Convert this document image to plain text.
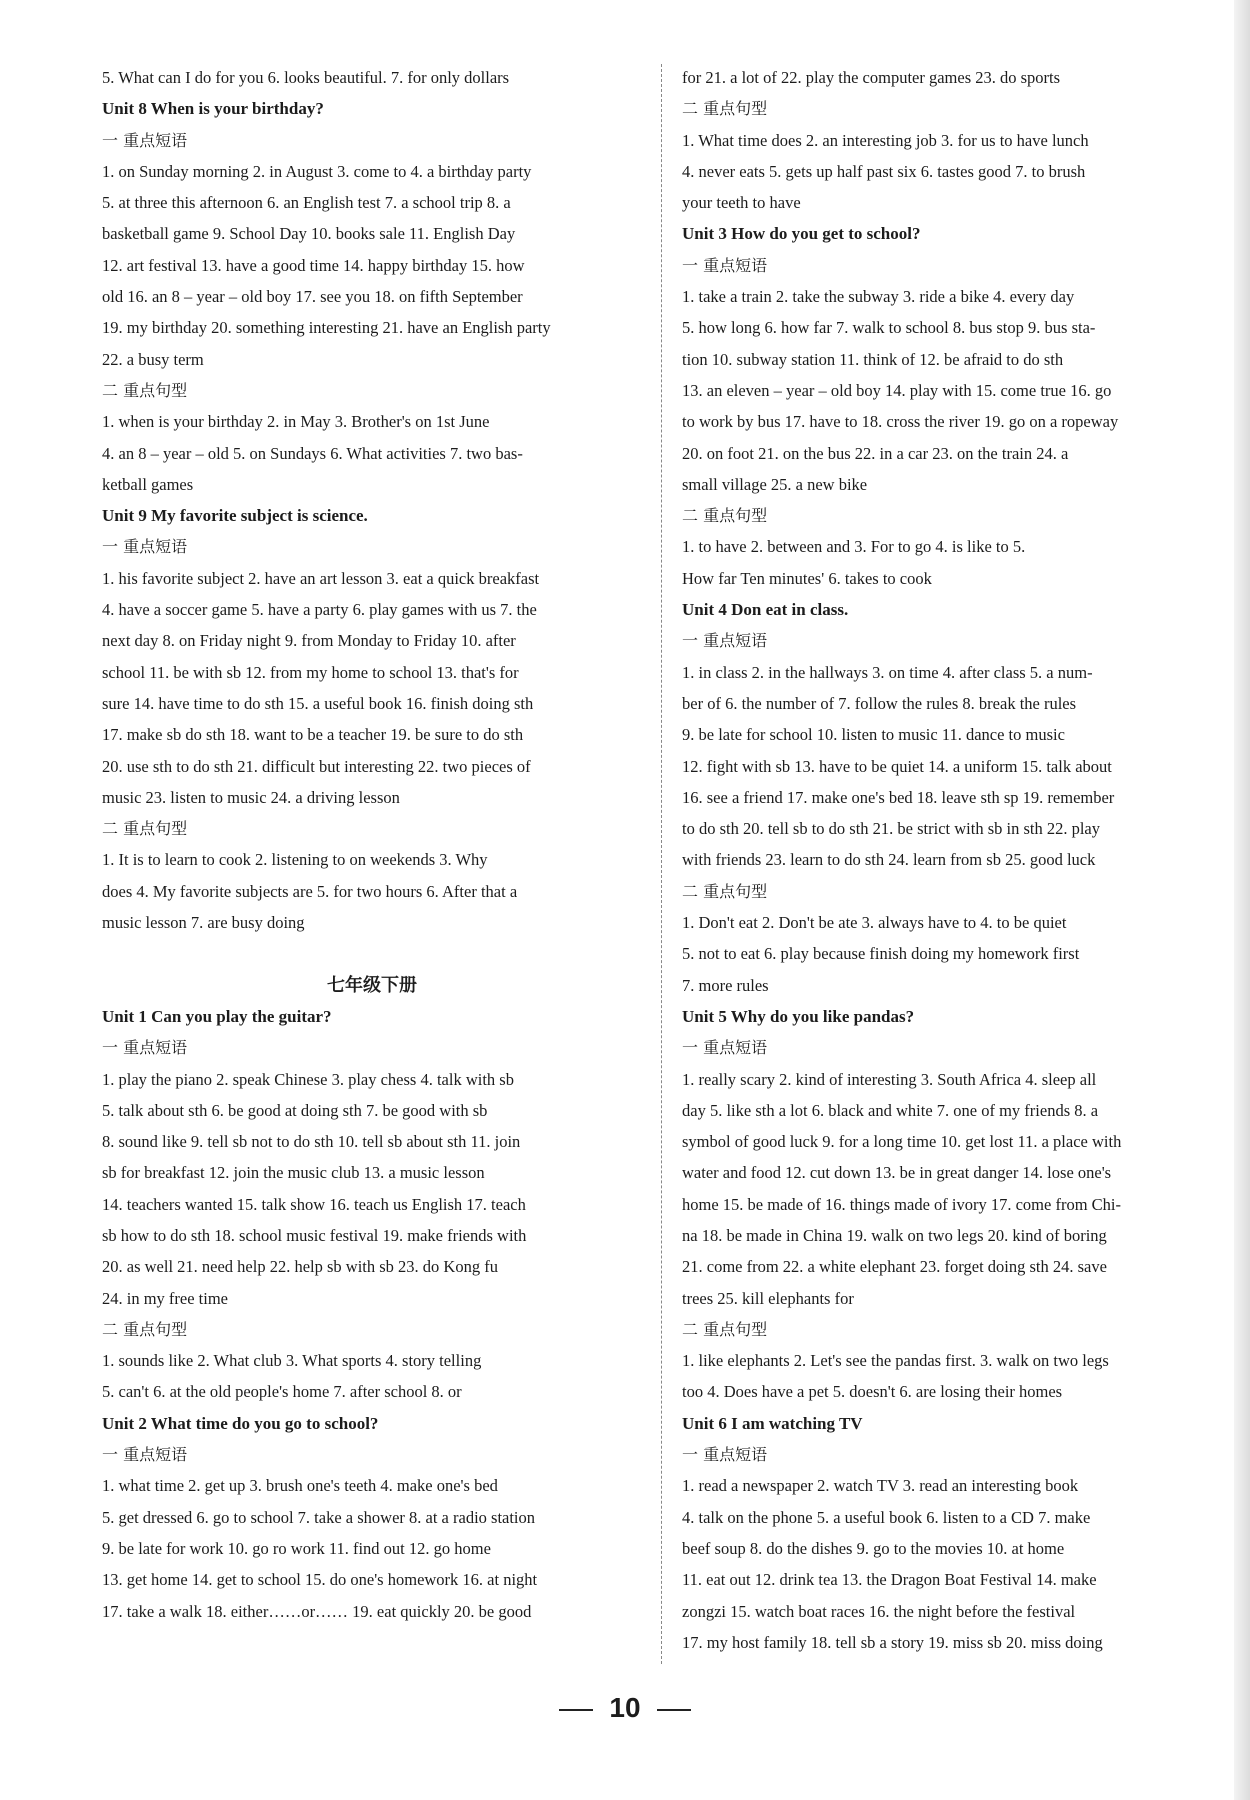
5. What can I do for you 6. looks beautiful. 7. for only dollars
Unit 8 When is your birthday?
一 重点短语
1. on Sunday morning 2. in August 3. come to 4. a birthday party
5. at three this afternoon 6. an English test 7. a school trip 8. a
basketball game 9. School Day 10. books sale 11. English Day
12. art festival 13. have a good time 14. happy birthday 15. how
old 16. an 8 – year – old boy 17. see you 18. on fifth September
19. my birthday 20. something interesting 21. have an English party
22. a busy term
二 重点句型
1. when is your birthday 2. in May 3. Brother's on 1st June
4. an 8 – year – old 5. on Sundays 6. What activities 7. two bas-
ketball games
Unit 9 My favorite subject is science.
一 重点短语
1. his favorite subject 2. have an art lesson 3. eat a quick breakfast
4. have a soccer game 5. have a party 6. play games with us 7. the
next day 8. on Friday night 9. from Monday to Friday 10. after
school 11. be with sb 12. from my home to school 13. that's for
sure 14. have time to do sth 15. a useful book 16. finish doing sth
17. make sb do sth 18. want to be a teacher 19. be sure to do sth
20. use sth to do sth 21. difficult but interesting 22. two pieces of
music 23. listen to music 24. a driving lesson
二 重点句型
1. It is to learn to cook 2. listening to on weekends 3. Why
does 4. My favorite subjects are 5. for two hours 6. After that a
music lesson 7. are busy doing
七年级下册
Unit 1 Can you play the guitar?
一 重点短语
1. play the piano 2. speak Chinese 3. play chess 4. talk with sb
5. talk about sth 6. be good at doing sth 7. be good with sb
8. sound like 9. tell sb not to do sth 10. tell sb about sth 11. join
sb for breakfast 12. join the music club 13. a music lesson
14. teachers wanted 15. talk show 16. teach us English 17. teach
sb how to do sth 18. school music festival 19. make friends with
20. as well 21. need help 22. help sb with sb 23. do Kong fu
24. in my free time
二 重点句型
1. sounds like 2. What club 3. What sports 4. story telling
5. can't 6. at the old people's home 7. after school 8. or
Unit 2 What time do you go to school?
一 重点短语
1. what time 2. get up 3. brush one's teeth 4. make one's bed
5. get dressed 6. go to school 7. take a shower 8. at a radio station
9. be late for work 10. go ro work 11. find out 12. go home
13. get home 14. get to school 15. do one's homework 16. at night
17. take a walk 18. either……or…… 19. eat quickly 20. be good
for 21. a lot of 22. play the computer games 23. do sports
二 重点句型
1. What time does 2. an interesting job 3. for us to have lunch
4. never eats 5. gets up half past six 6. tastes good 7. to brush
your teeth to have
Unit 3 How do you get to school?
一 重点短语
1. take a train 2. take the subway 3. ride a bike 4. every day
5. how long 6. how far 7. walk to school 8. bus stop 9. bus sta-
tion 10. subway station 11. think of 12. be afraid to do sth
13. an eleven – year – old boy 14. play with 15. come true 16. go
to work by bus 17. have to 18. cross the river 19. go on a ropeway
20. on foot 21. on the bus 22. in a car 23. on the train 24. a
small village 25. a new bike
二 重点句型
1. to have 2. between and 3. For to go 4. is like to 5.
How far Ten minutes' 6. takes to cook
Unit 4 Don eat in class.
一 重点短语
1. in class 2. in the hallways 3. on time 4. after class 5. a num-
ber of 6. the number of 7. follow the rules 8. break the rules
9. be late for school 10. listen to music 11. dance to music
12. fight with sb 13. have to be quiet 14. a uniform 15. talk about
16. see a friend 17. make one's bed 18. leave sth sp 19. remember
to do sth 20. tell sb to do sth 21. be strict with sb in sth 22. play
with friends 23. learn to do sth 24. learn from sb 25. good luck
二 重点句型
1. Don't eat 2. Don't be ate 3. always have to 4. to be quiet
5. not to eat 6. play because finish doing my homework first
7. more rules
Unit 5 Why do you like pandas?
一 重点短语
1. really scary 2. kind of interesting 3. South Africa 4. sleep all
day 5. like sth a lot 6. black and white 7. one of my friends 8. a
symbol of good luck 9. for a long time 10. get lost 11. a place with
water and food 12. cut down 13. be in great danger 14. lose one's
home 15. be made of 16. things made of ivory 17. come from Chi-
na 18. be made in China 19. walk on two legs 20. kind of boring
21. come from 22. a white elephant 23. forget doing sth 24. save
trees 25. kill elephants for
二 重点句型
1. like elephants 2. Let's see the pandas first. 3. walk on two legs
too 4. Does have a pet 5. doesn't 6. are losing their homes
Unit 6 I am watching TV
一 重点短语
1. read a newspaper 2. watch TV 3. read an interesting book
4. talk on the phone 5. a useful book 6. listen to a CD 7. make
beef soup 8. do the dishes 9. go to the movies 10. at home
11. eat out 12. drink tea 13. the Dragon Boat Festival 14. make
zongzi 15. watch boat races 16. the night before the festival
17. my host family 18. tell sb a story 19. miss sb 20. miss doing
10
